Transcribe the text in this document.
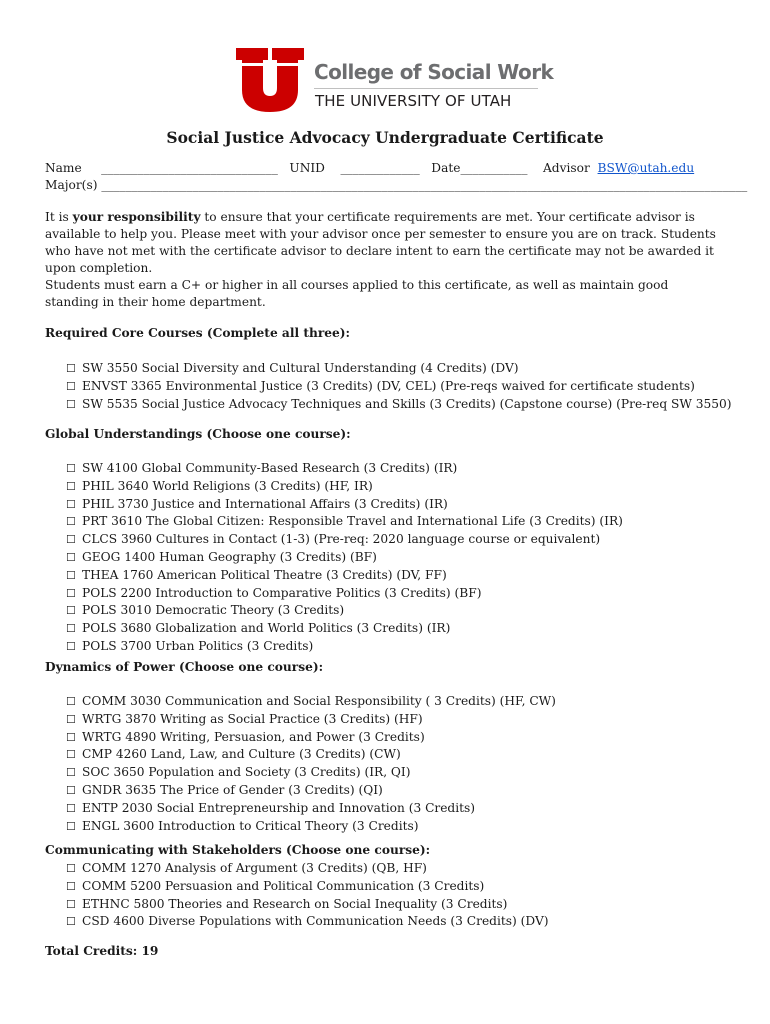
College of Social Work
THE UNIVERSITY OF UTAH
Social Justice Advocacy Undergraduate Certificate
Name _____________________________ UNID _____________ Date___________ Advisor BSW@utah.edu
Major(s) __________________________________________________________________________________________________________
It is your responsibility to ensure that your certificate requirements are met. Your certificate advisor is available to help you. Please meet with your advisor once per semester to ensure you are on track. Students who have not met with the certificate advisor to declare intent to earn the certificate may not be awarded it upon completion.
Students must earn a C+ or higher in all courses applied to this certificate, as well as maintain good standing in their home department.
Required Core Courses (Complete all three):
☐ SW 3550 Social Diversity and Cultural Understanding (4 Credits) (DV)
☐ ENVST 3365 Environmental Justice (3 Credits) (DV, CEL) (Pre-reqs waived for certificate students)
☐ SW 5535 Social Justice Advocacy Techniques and Skills (3 Credits) (Capstone course) (Pre-req SW 3550)
Global Understandings (Choose one course):
☐ SW 4100 Global Community-Based Research (3 Credits) (IR)
☐ PHIL 3640 World Religions (3 Credits) (HF, IR)
☐ PHIL 3730 Justice and International Affairs (3 Credits) (IR)
☐ PRT 3610 The Global Citizen: Responsible Travel and International Life (3 Credits) (IR)
☐ CLCS 3960 Cultures in Contact (1-3) (Pre-req: 2020 language course or equivalent)
☐ GEOG 1400 Human Geography (3 Credits) (BF)
☐ THEA 1760 American Political Theatre (3 Credits) (DV, FF)
☐ POLS 2200 Introduction to Comparative Politics (3 Credits) (BF)
☐ POLS 3010 Democratic Theory (3 Credits)
☐ POLS 3680 Globalization and World Politics (3 Credits) (IR)
☐ POLS 3700 Urban Politics (3 Credits)
Dynamics of Power (Choose one course):
☐ COMM 3030 Communication and Social Responsibility ( 3 Credits) (HF, CW)
☐ WRTG 3870 Writing as Social Practice (3 Credits) (HF)
☐ WRTG 4890 Writing, Persuasion, and Power (3 Credits)
☐ CMP 4260 Land, Law, and Culture (3 Credits) (CW)
☐ SOC 3650 Population and Society (3 Credits) (IR, QI)
☐ GNDR 3635 The Price of Gender (3 Credits) (QI)
☐ ENTP 2030 Social Entrepreneurship and Innovation (3 Credits)
☐ ENGL 3600 Introduction to Critical Theory (3 Credits)
Communicating with Stakeholders (Choose one course):
☐ COMM 1270 Analysis of Argument (3 Credits) (QB, HF)
☐ COMM 5200 Persuasion and Political Communication (3 Credits)
☐ ETHNC 5800 Theories and Research on Social Inequality (3 Credits)
☐ CSD 4600 Diverse Populations with Communication Needs (3 Credits) (DV)
Total Credits: 19
